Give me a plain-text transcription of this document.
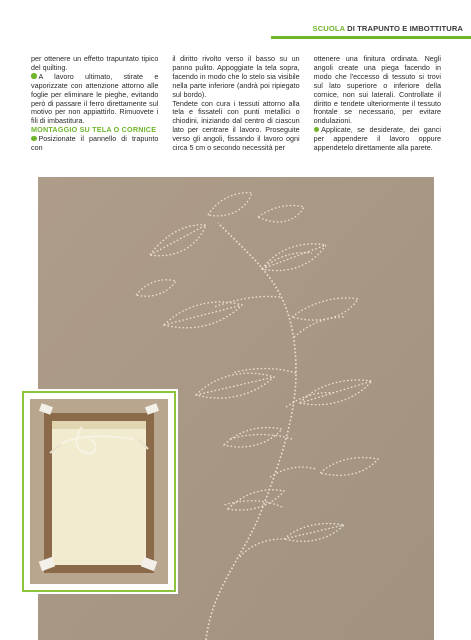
SCUOLA DI TRAPUNTO E IMBOTTITURA

per ottenere un effetto trapuntato tipico del quilting.

A lavoro ultimato, stirate e vaporizzate con attenzione attorno alle foglie per eliminare le pieghe, evitando però di passare il ferro direttamente sul motivo per non appiattirlo. Rimuovete i fili di imbastitura.

MONTAGGIO SU TELA O CORNICE

Posizionate il pannello di trapunto con

il diritto rivolto verso il basso su un panno pulito. Appoggiate la tela sopra, facendo in modo che lo stelo sia visibile nella parte inferiore (andrà poi ripiegato sul bordo).

Tendete con cura i tessuti attorno alla tela e fissateli con punti metallici o chiodini, iniziando dal centro di ciascun lato per centrare il lavoro. Proseguite verso gli angoli, fissando il lavoro ogni circa 5 cm o secondo necessità per

ottenere una finitura ordinata. Negli angoli create una piega facendo in modo che l'eccesso di tessuto si trovi sul lato superiore o inferiore della cornice, non sui laterali. Controllate il diritto e tendete ulteriormente il tessuto frontale se necessario, per evitare ondulazioni.

Applicate, se desiderate, dei ganci per appendere il lavoro oppure appendetelo direttamente alla parete.
